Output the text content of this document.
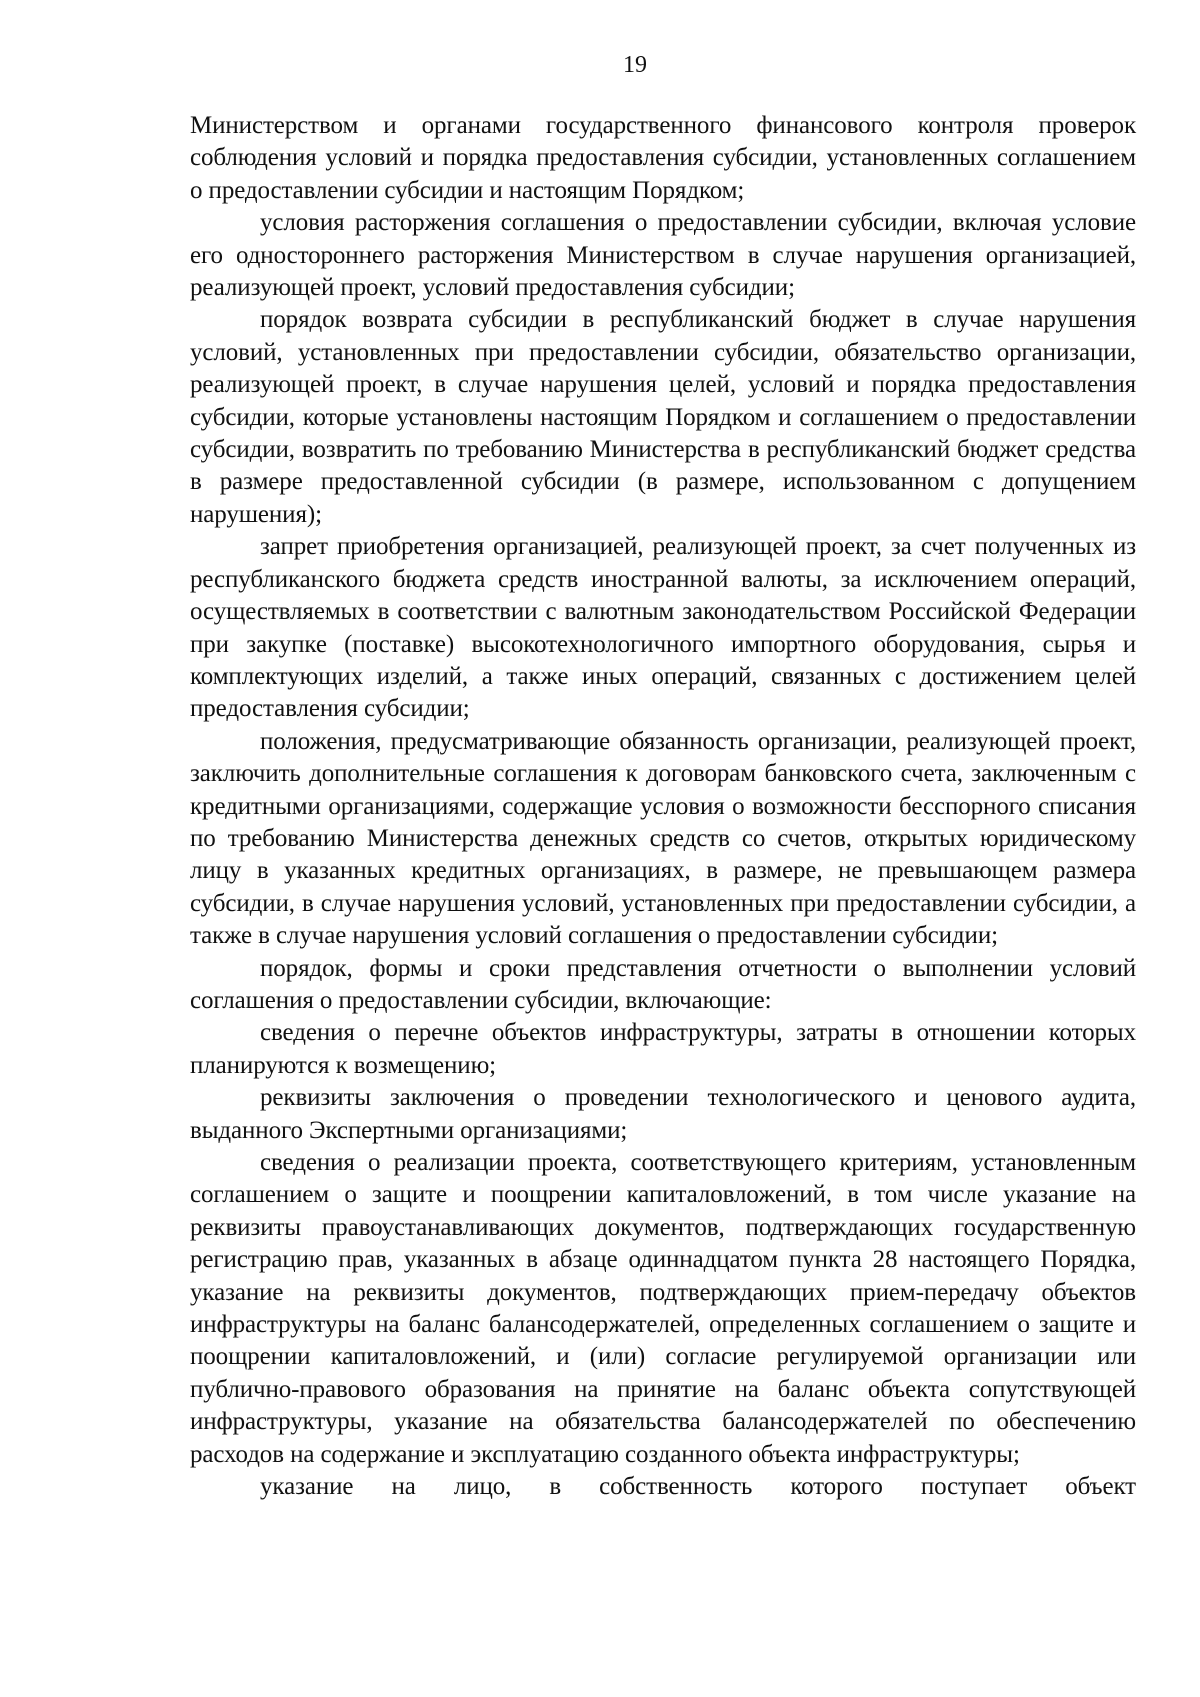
19

Министерством и органами государственного финансового контроля проверок соблюдения условий и порядка предоставления субсидии, установленных соглашением о предоставлении субсидии и настоящим Порядком;

условия расторжения соглашения о предоставлении субсидии, включая условие его одностороннего расторжения Министерством в случае нарушения организацией, реализующей проект, условий предоставления субсидии;

порядок возврата субсидии в республиканский бюджет в случае нарушения условий, установленных при предоставлении субсидии, обязательство организации, реализующей проект, в случае нарушения целей, условий и порядка предоставления субсидии, которые установлены настоящим Порядком и соглашением о предоставлении субсидии, возвратить по требованию Министерства в республиканский бюджет средства в размере предоставленной субсидии (в размере, использованном с допущением нарушения);

запрет приобретения организацией, реализующей проект, за счет полученных из республиканского бюджета средств иностранной валюты, за исключением операций, осуществляемых в соответствии с валютным законодательством Российской Федерации при закупке (поставке) высокотехнологичного импортного оборудования, сырья и комплектующих изделий, а также иных операций, связанных с достижением целей предоставления субсидии;

положения, предусматривающие обязанность организации, реализующей проект, заключить дополнительные соглашения к договорам банковского счета, заключенным с кредитными организациями, содержащие условия о возможности бесспорного списания по требованию Министерства денежных средств со счетов, открытых юридическому лицу в указанных кредитных организациях, в размере, не превышающем размера субсидии, в случае нарушения условий, установленных при предоставлении субсидии, а также в случае нарушения условий соглашения о предоставлении субсидии;

порядок, формы и сроки представления отчетности о выполнении условий соглашения о предоставлении субсидии, включающие:

сведения о перечне объектов инфраструктуры, затраты в отношении которых планируются к возмещению;

реквизиты заключения о проведении технологического и ценового аудита, выданного Экспертными организациями;

сведения о реализации проекта, соответствующего критериям, установленным соглашением о защите и поощрении капиталовложений, в том числе указание на реквизиты правоустанавливающих документов, подтверждающих государственную регистрацию прав, указанных в абзаце одиннадцатом пункта 28 настоящего Порядка, указание на реквизиты документов, подтверждающих прием-передачу объектов инфраструктуры на баланс балансодержателей, определенных соглашением о защите и поощрении капиталовложений, и (или) согласие регулируемой организации или публично-правового образования на принятие на баланс объекта сопутствующей инфраструктуры, указание на обязательства балансодержателей по обеспечению расходов на содержание и эксплуатацию созданного объекта инфраструктуры;

указание на лицо, в собственность которого поступает объект
